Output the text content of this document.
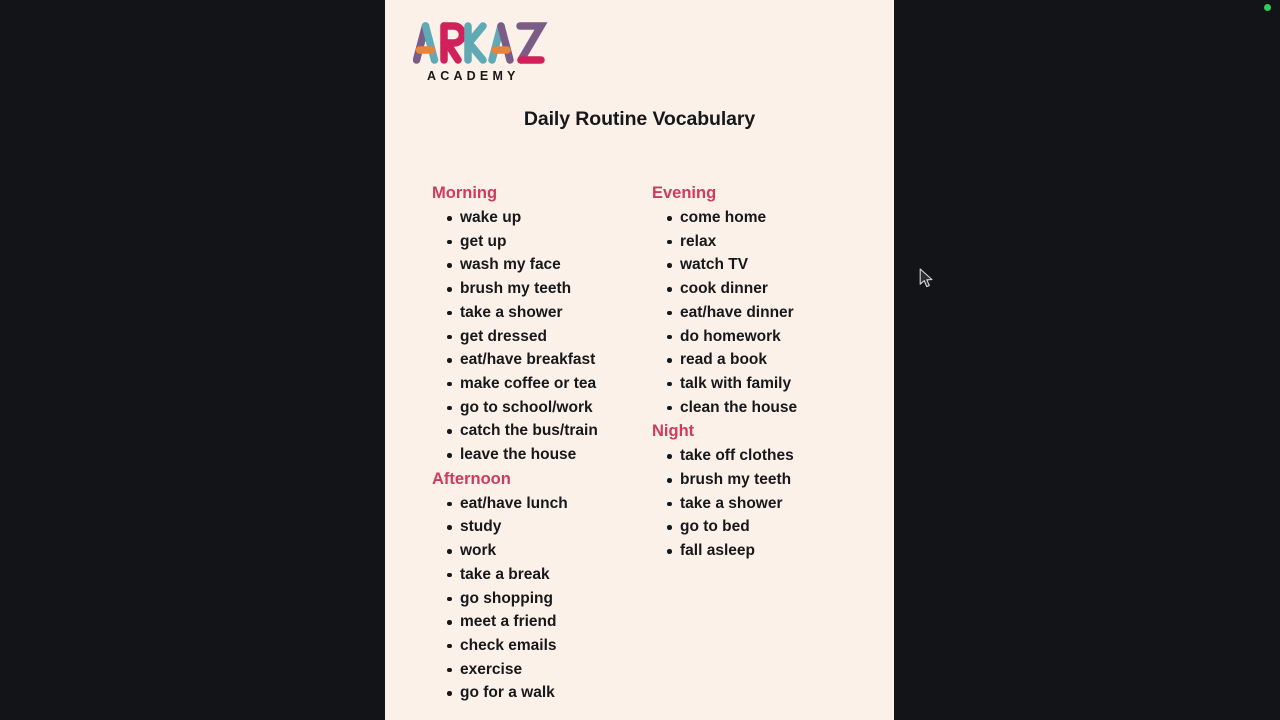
ACADEMY
Daily Routine Vocabulary
Morning
wake up
get up
wash my face
brush my teeth
take a shower
get dressed
eat/have breakfast
make coffee or tea
go to school/work
catch the bus/train
leave the house
Afternoon
eat/have lunch
study
work
take a break
go shopping
meet a friend
check emails
exercise
go for a walk
Evening
come home
relax
watch TV
cook dinner
eat/have dinner
do homework
read a book
talk with family
clean the house
Night
take off clothes
brush my teeth
take a shower
go to bed
fall asleep
